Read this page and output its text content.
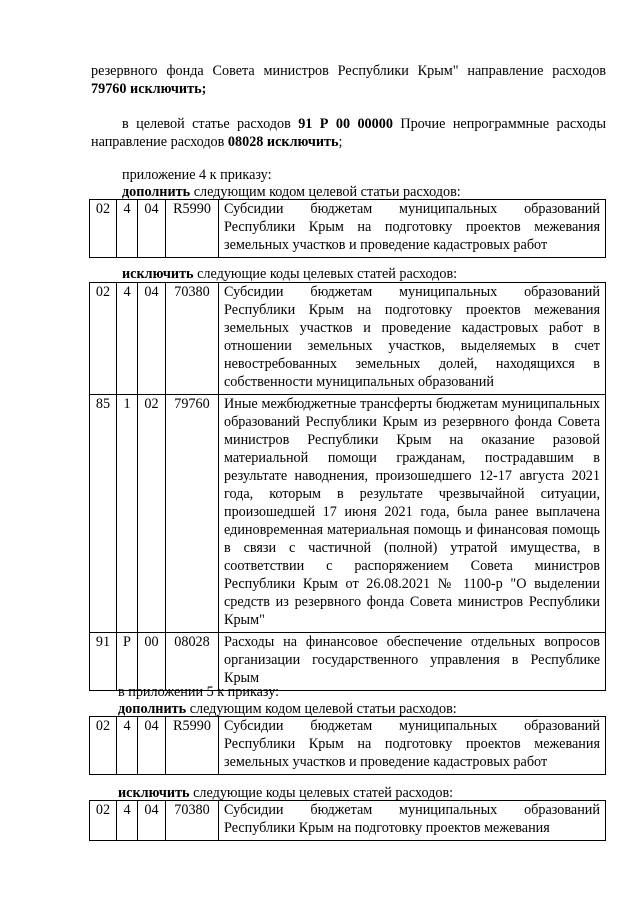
резервного фонда Совета министров Республики Крым" направление расходов 79760 исключить;
в целевой статье расходов 91 Р 00 00000 Прочие непрограммные расходы направление расходов 08028 исключить;
приложение 4 к приказу:
дополнить следующим кодом целевой статьи расходов:
02	4	04	R5990	Субсидии бюджетам муниципальных образований Республики Крым на подготовку проектов межевания земельных участков и проведение кадастровых работ
исключить следующие коды целевых статей расходов:
02	4	04	70380	Субсидии бюджетам муниципальных образований Республики Крым на подготовку проектов межевания земельных участков и проведение кадастровых работ в отношении земельных участков, выделяемых в счет невостребованных земельных долей, находящихся в собственности муниципальных образований
85	1	02	79760	Иные межбюджетные трансферты бюджетам муниципальных образований Республики Крым из резервного фонда Совета министров Республики Крым на оказание разовой материальной помощи гражданам, пострадавшим в результате наводнения, произошедшего 12-17 августа 2021 года, которым в результате чрезвычайной ситуации, произошедшей 17 июня 2021 года, была ранее выплачена единовременная материальная помощь и финансовая помощь в связи с частичной (полной) утратой имущества, в соответствии с распоряжением Совета министров Республики Крым от 26.08.2021 № 1100-р "О выделении средств из резервного фонда Совета министров Республики Крым"
91	Р	00	08028	Расходы на финансовое обеспечение отдельных вопросов организации государственного управления в Республике Крым
в приложении 5 к приказу:
дополнить следующим кодом целевой статьи расходов:
02	4	04	R5990	Субсидии бюджетам муниципальных образований Республики Крым на подготовку проектов межевания земельных участков и проведение кадастровых работ
исключить следующие коды целевых статей расходов:
02	4	04	70380	Субсидии бюджетам муниципальных образований Республики Крым на подготовку проектов межевания
